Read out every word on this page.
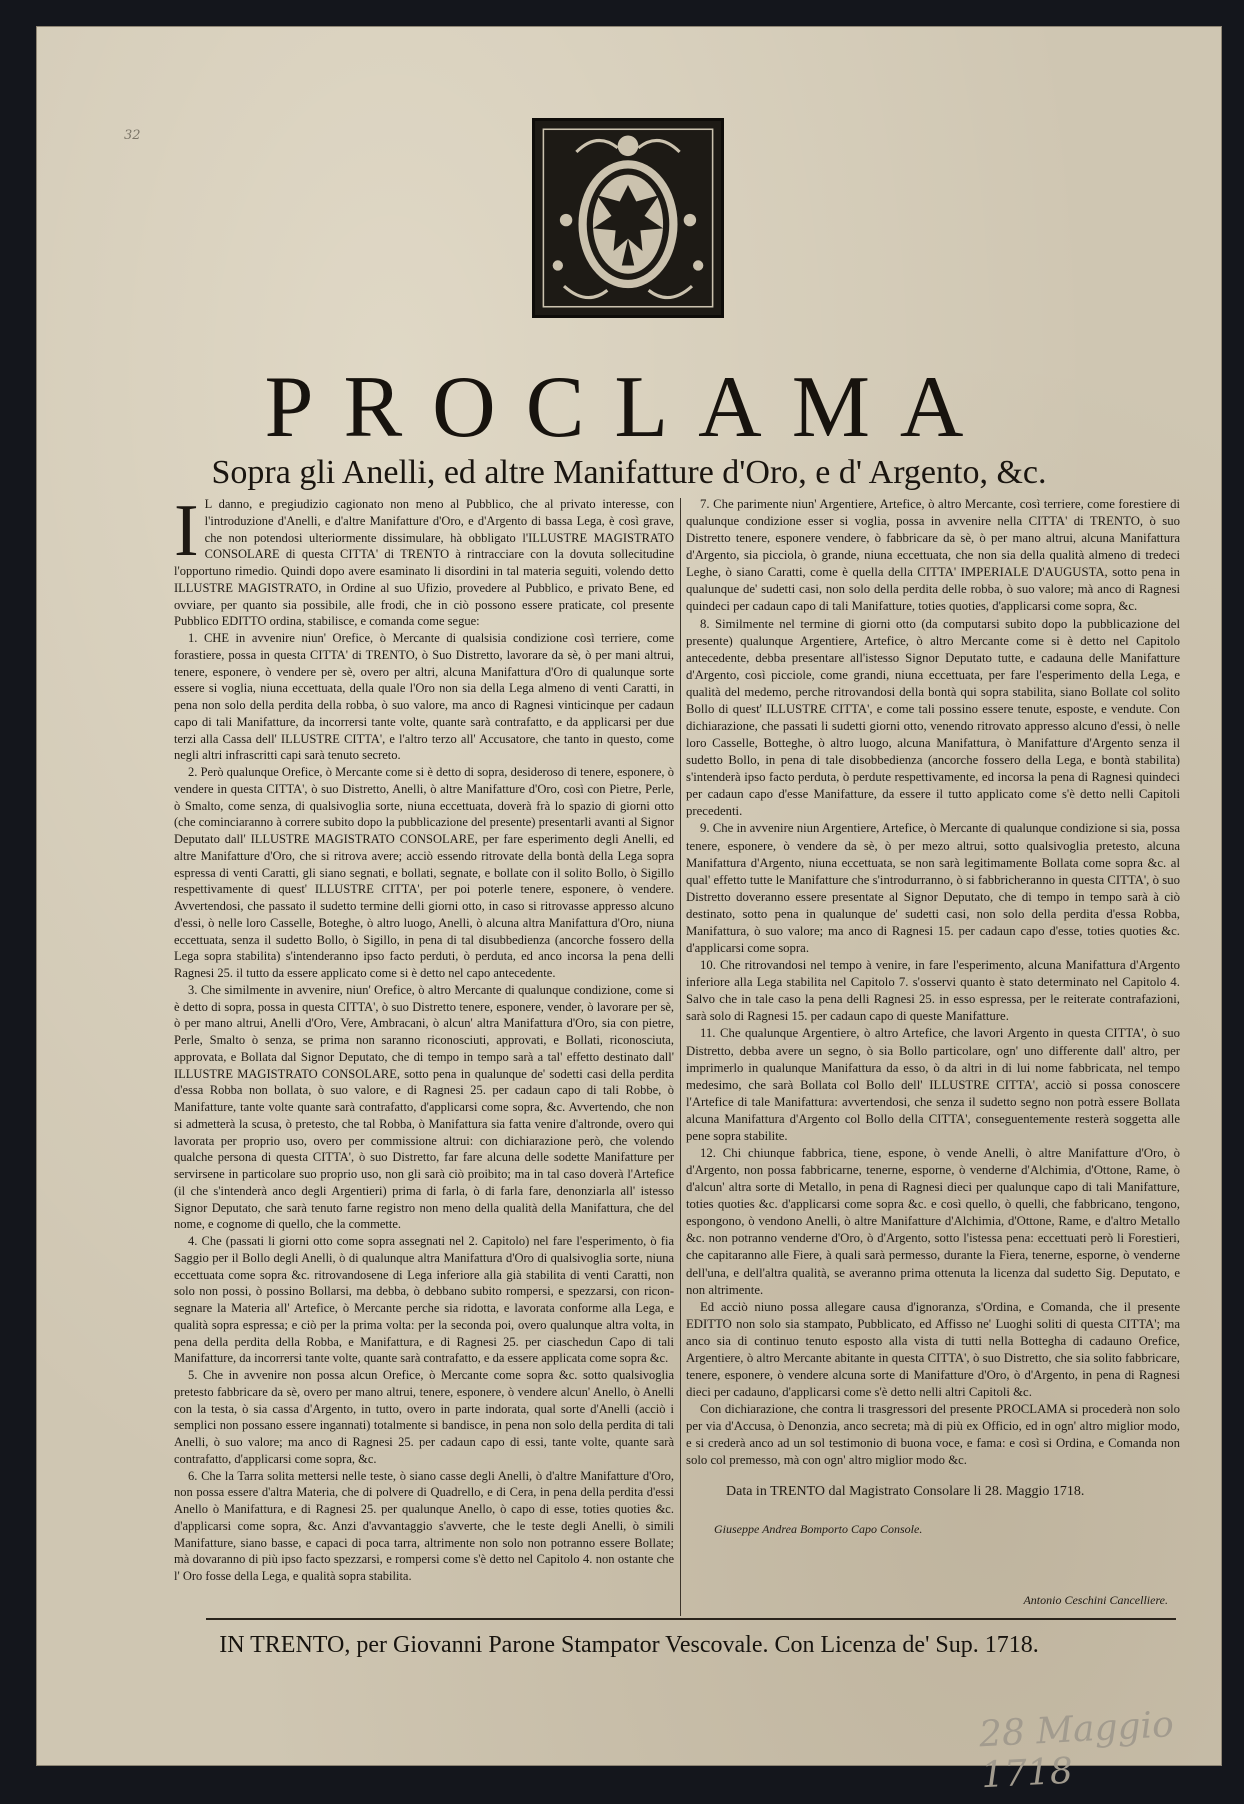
32
PROCLAMA
Sopra gli Anelli, ed altre Manifatture d'Oro, e d' Argento, &c.

I L danno, e pregiudizio cagionato non meno al Pubblico, che al privato interesse, con l'introduzione d'Anelli, e d'altre Manifatture d'Oro, e d'Argento di bassa Lega, è così grave, che non potendosi ulteriormente dissimulare, hà obbligato l'ILLUSTRE MAGISTRATO CONSOLARE di questa CITTA' di TRENTO à rintracciare con la dovuta sollecitudine l'opportuno rimedio. Quindi dopo avere esaminato li disordini in tal materia seguiti, volendo detto ILLUSTRE MAGISTRATO, in Ordine al suo Ufizio, provedere al Pubblico, e privato Bene, ed ovviare, per quanto sia possibile, alle frodi, che in ciò possono essere praticate, col presente Pubblico EDITTO ordina, stabilisce, e comanda come segue:

1. CHE in avvenire niun' Orefice, ò Mercante di qualsisia condizione così terriere, come forastiere, possa in questa CITTA' di TRENTO, ò Suo Distretto, lavorare da sè, ò per mani altrui, tenere, esponere, ò vendere per sè, overo per altri, alcuna Manifattura d'Oro di qualunque sorte essere si voglia, niuna eccettuata, della quale l'Oro non sia della Lega almeno di venti Caratti, in pena non solo della perdita della robba, ò suo valore, ma anco di Ragnesi vinticinque per cadaun capo di tali Manifatture, da incorrersi tante volte, quante sarà contrafatto, e da applicarsi per due terzi alla Cassa dell' ILLUSTRE CITTA', e l'altro terzo all' Accusatore, che tanto in questo, come negli altri infrascritti capi sarà tenuto secreto.

2. Però qualunque Orefice, ò Mercante come si è detto di sopra, desideroso di tenere, esponere, ò vendere in questa CITTA', ò suo Distretto, Anelli, ò altre Manifatture d'Oro, così con Pietre, Perle, ò Smalto, come senza, di qualsivoglia sorte, niuna eccettuata, doverà frà lo spazio di giorni otto (che cominciaranno à correre subito dopo la pubblicazione del presente) presentarli avanti al Signor Deputato dall' ILLUSTRE MAGISTRATO CONSOLARE, per fare esperimento degli Anelli, ed altre Manifatture d'Oro, che si ritrova avere; acciò essendo ritrovate della bontà della Lega sopra espressa di venti Caratti, gli siano segnati, e bollati, segnate, e bollate con il solito Bollo, ò Sigillo respettivamente di quest' ILLUSTRE CITTA', per poi poterle tenere, esponere, ò vendere. Avvertendosi, che passato il sudetto termine delli giorni otto, in caso si ritrovasse appresso alcuno d'essi, ò nelle loro Casselle, Boteghe, ò altro luogo, Anelli, ò alcuna altra Manifattura d'Oro, niuna eccettuata, senza il sudetto Bollo, ò Sigillo, in pena di tal disubbedienza (ancorche fossero della Lega sopra stabilita) s'intenderanno ipso facto perduti, ò perduta, ed anco incorsa la pena delli Ragnesi 25. il tutto da essere applicato come si è detto nel capo antecedente.

3. Che similmente in avvenire, niun' Orefice, ò altro Mercante di qualunque condizione, come si è detto di sopra, possa in questa CITTA', ò suo Distretto tenere, esponere, vender, ò lavorare per sè, ò per mano altrui, Anelli d'Oro, Vere, Ambracani, ò alcun' altra Manifattura d'Oro, sia con pietre, Perle, Smalto ò senza, se prima non saranno riconosciuti, approvati, e Bollati, riconosciuta, approvata, e Bollata dal Signor Deputato, che di tempo in tempo sarà a tal' effetto destinato dall' ILLUSTRE MAGISTRATO CONSOLARE, sotto pena in qualunque de' sodetti casi della perdita d'essa Robba non bollata, ò suo valore, e di Ragnesi 25. per cadaun capo di tali Robbe, ò Manifatture, tante volte quante sarà contrafatto, d'applicarsi come sopra, &c. Avvertendo, che non si admetterà la scusa, ò pretesto, che tal Robba, ò Manifattura sia fatta venire d'altronde, overo qui lavorata per proprio uso, overo per commissione altrui: con dichiarazione però, che volendo qualche persona di questa CITTA', ò suo Distretto, far fare alcuna delle sodette Manifatture per servirsene in particolare suo proprio uso, non gli sarà ciò proibito; ma in tal caso doverà l'Artefice (il che s'intenderà anco degli Argentieri) prima di farla, ò di farla fare, denonziarla all' istesso Signor Deputato, che sarà tenuto farne registro non meno della qualità della Manifattura, che del nome, e cognome di quello, che la commette.

4. Che (passati li giorni otto come sopra assegnati nel 2. Capitolo) nel fare l'esperimento, ò fia Saggio per il Bollo degli Anelli, ò di qualunque altra Manifattura d'Oro di qualsivoglia sorte, niuna eccettuata come sopra &c. ritrovandosene di Lega inferiore alla già stabilita di venti Caratti, non solo non possi, ò possino Bollarsi, ma debba, ò debbano subito rompersi, e spezzarsi, con ricon-segnare la Materia all' Artefice, ò Mercante perche sia ridotta, e lavorata conforme alla Lega, e qualità sopra espressa; e ciò per la prima volta: per la seconda poi, overo qualunque altra volta, in pena della perdita della Robba, e Manifattura, e di Ragnesi 25. per ciaschedun Capo di tali Manifatture, da incorrersi tante volte, quante sarà contrafatto, e da essere applicata come sopra &c.

5. Che in avvenire non possa alcun Orefice, ò Mercante come sopra &c. sotto qualsivoglia pretesto fabbricare da sè, overo per mano altrui, tenere, esponere, ò vendere alcun' Anello, ò Anelli con la testa, ò sia cassa d'Argento, in tutto, overo in parte indorata, qual sorte d'Anelli (acciò i semplici non possano essere ingannati) totalmente si bandisce, in pena non solo della perdita di tali Anelli, ò suo valore; ma anco di Ragnesi 25. per cadaun capo di essi, tante volte, quante sarà contrafatto, d'applicarsi come sopra, &c.

6. Che la Tarra solita mettersi nelle teste, ò siano casse degli Anelli, ò d'altre Manifatture d'Oro, non possa essere d'altra Materia, che di polvere di Quadrello, e di Cera, in pena della perdita d'essi Anello ò Manifattura, e di Ragnesi 25. per qualunque Anello, ò capo di esse, toties quoties &c. d'applicarsi come sopra, &c. Anzi d'avvantaggio s'avverte, che le teste degli Anelli, ò simili Manifatture, siano basse, e capaci di poca tarra, altrimente non solo non potranno essere Bollate; mà dovaranno di più ipso facto spezzarsi, e rompersi come s'è detto nel Capitolo 4. non ostante che l' Oro fosse della Lega, e qualità sopra stabilita.

7. Che parimente niun' Argentiere, Artefice, ò altro Mercante, così terriere, come forestiere di qualunque condizione esser si voglia, possa in avvenire nella CITTA' di TRENTO, ò suo Distretto tenere, esponere vendere, ò fabbricare da sè, ò per mano altrui, alcuna Manifattura d'Argento, sia picciola, ò grande, niuna eccettuata, che non sia della qualità almeno di tredeci Leghe, ò siano Caratti, come è quella della CITTA' IMPERIALE D'AUGUSTA, sotto pena in qualunque de' sudetti casi, non solo della perdita delle robba, ò suo valore; mà anco di Ragnesi quindeci per cadaun capo di tali Manifatture, toties quoties, d'applicarsi come sopra, &c.

8. Similmente nel termine di giorni otto (da computarsi subito dopo la pubblicazione del presente) qualunque Argentiere, Artefice, ò altro Mercante come si è detto nel Capitolo antecedente, debba presentare all'istesso Signor Deputato tutte, e cadauna delle Manifatture d'Argento, così picciole, come grandi, niuna eccettuata, per fare l'esperimento della Lega, e qualità del medemo, perche ritrovandosi della bontà qui sopra stabilita, siano Bollate col solito Bollo di quest' ILLUSTRE CITTA', e come tali possino essere tenute, esposte, e vendute. Con dichiarazione, che passati li sudetti giorni otto, venendo ritrovato appresso alcuno d'essi, ò nelle loro Casselle, Botteghe, ò altro luogo, alcuna Manifattura, ò Manifatture d'Argento senza il sudetto Bollo, in pena di tale disobbedienza (ancorche fossero della Lega, e bontà stabilita) s'intenderà ipso facto perduta, ò perdute respettivamente, ed incorsa la pena di Ragnesi quindeci per cadaun capo d'esse Manifatture, da essere il tutto applicato come s'è detto nelli Capitoli precedenti.

9. Che in avvenire niun Argentiere, Artefice, ò Mercante di qualunque condizione si sia, possa tenere, esponere, ò vendere da sè, ò per mezo altrui, sotto qualsivoglia pretesto, alcuna Manifattura d'Argento, niuna eccettuata, se non sarà legitimamente Bollata come sopra &c. al qual' effetto tutte le Manifatture che s'introdurranno, ò si fabbricheranno in questa CITTA', ò suo Distretto doveranno essere presentate al Signor Deputato, che di tempo in tempo sarà à ciò destinato, sotto pena in qualunque de' sudetti casi, non solo della perdita d'essa Robba, Manifattura, ò suo valore; ma anco di Ragnesi 15. per cadaun capo d'esse, toties quoties &c. d'applicarsi come sopra.

10. Che ritrovandosi nel tempo à venire, in fare l'esperimento, alcuna Manifattura d'Argento inferiore alla Lega stabilita nel Capitolo 7. s'osservi quanto è stato determinato nel Capitolo 4. Salvo che in tale caso la pena delli Ragnesi 25. in esso espressa, per le reiterate contrafazioni, sarà solo di Ragnesi 15. per cadaun capo di queste Manifatture.

11. Che qualunque Argentiere, ò altro Artefice, che lavori Argento in questa CITTA', ò suo Distretto, debba avere un segno, ò sia Bollo particolare, ogn' uno differente dall' altro, per imprimerlo in qualunque Manifattura da esso, ò da altri in di lui nome fabbricata, nel tempo medesimo, che sarà Bollata col Bollo dell' ILLUSTRE CITTA', acciò si possa conoscere l'Artefice di tale Manifattura: avvertendosi, che senza il sudetto segno non potrà essere Bollata alcuna Manifattura d'Argento col Bollo della CITTA', conseguentemente resterà soggetta alle pene sopra stabilite.

12. Chi chiunque fabbrica, tiene, espone, ò vende Anelli, ò altre Manifatture d'Oro, ò d'Argento, non possa fabbricarne, tenerne, esporne, ò venderne d'Alchimia, d'Ottone, Rame, ò d'alcun' altra sorte di Metallo, in pena di Ragnesi dieci per qualunque capo di tali Manifatture, toties quoties &c. d'applicarsi come sopra &c. e così quello, ò quelli, che fabbricano, tengono, espongono, ò vendono Anelli, ò altre Manifatture d'Alchimia, d'Ottone, Rame, e d'altro Metallo &c. non potranno venderne d'Oro, ò d'Argento, sotto l'istessa pena: eccettuati però li Forestieri, che capitaranno alle Fiere, à quali sarà permesso, durante la Fiera, tenerne, esporne, ò venderne dell'una, e dell'altra qualità, se averanno prima ottenuta la licenza dal sudetto Sig. Deputato, e non altrimente.

Ed acciò niuno possa allegare causa d'ignoranza, s'Ordina, e Comanda, che il presente EDITTO non solo sia stampato, Pubblicato, ed Affisso ne' Luoghi soliti di questa CITTA'; ma anco sia di continuo tenuto esposto alla vista di tutti nella Bottegha di cadauno Orefice, Argentiere, ò altro Mercante abitante in questa CITTA', ò suo Distretto, che sia solito fabbricare, tenere, esponere, ò vendere alcuna sorte di Manifatture d'Oro, ò d'Argento, in pena di Ragnesi dieci per cadauno, d'applicarsi come s'è detto nelli altri Capitoli &c.

Con dichiarazione, che contra li trasgressori del presente PROCLAMA si procederà non solo per via d'Accusa, ò Denonzia, anco secreta; mà di più ex Officio, ed in ogn' altro miglior modo, e si crederà anco ad un sol testimonio di buona voce, e fama: e così si Ordina, e Comanda non solo col premesso, mà con ogn' altro miglior modo &c.

Data in TRENTO dal Magistrato Consolare li 28. Maggio 1718.
Giuseppe Andrea Bomporto Capo Console.
Antonio Ceschini Cancelliere.
IN TRENTO, per Giovanni Parone Stampator Vescovale. Con Licenza de' Sup. 1718.
28 Maggio 1718
